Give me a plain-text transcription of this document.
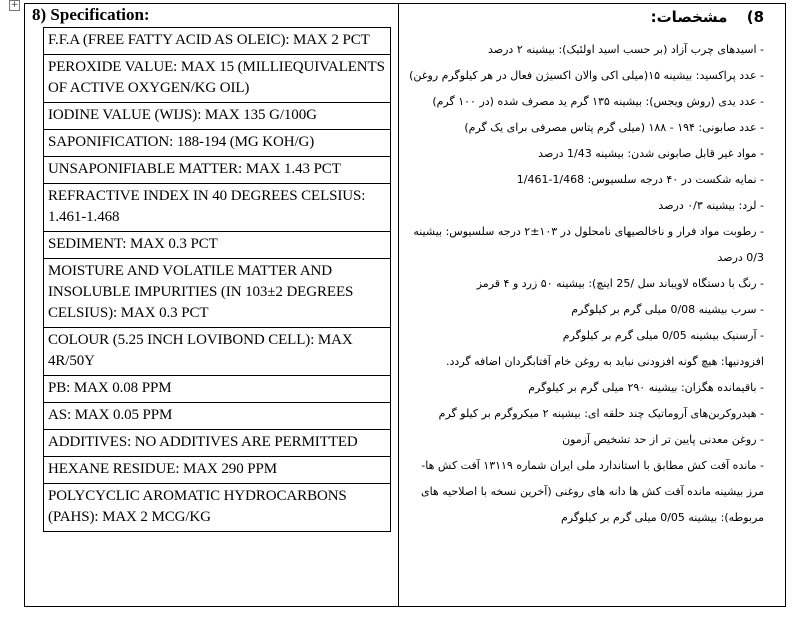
+ 8) Specification:
F.F.A (FREE FATTY ACID AS OLEIC): MAX 2 PCT
PEROXIDE VALUE: MAX 15 (MILLIEQUIVALENTS OF ACTIVE OXYGEN/KG OIL)
IODINE VALUE (WIJS): MAX 135 G/100G
SAPONIFICATION: 188-194 (MG KOH/G)
UNSAPONIFIABLE MATTER: MAX 1.43 PCT
REFRACTIVE INDEX IN 40 DEGREES CELSIUS: 1.461-1.468
SEDIMENT: MAX 0.3 PCT
MOISTURE AND VOLATILE MATTER AND INSOLUBLE IMPURITIES (IN 103±2 DEGREES CELSIUS): MAX 0.3 PCT
COLOUR (5.25 INCH LOVIBOND CELL): MAX 4R/50Y
PB: MAX 0.08 PPM
AS: MAX 0.05 PPM
ADDITIVES: NO ADDITIVES ARE PERMITTED
HEXANE RESIDUE: MAX 290 PPM
POLYCYCLIC AROMATIC HYDROCARBONS (PAHS): MAX 2 MCG/KG
8) مشخصات:

- اسیدهای چرب آزاد (بر حسب اسید اولئیک): بیشینه ۲ درصد

- عدد پراکسید: بیشینه ۱۵(میلی اکی والان اکسیژن فعال در هر کیلوگرم روغن) - عدد یدی (روش ویجس): بیشینه ۱۳۵ گرم ید مصرف شده (در ۱۰۰ گرم)

- عدد صابونی: ۱۹۴ - ۱۸۸ (میلی گرم پتاس مصرفی برای یک گرم)

- مواد غیر قابل صابونی شدن: بیشینه 1/43 درصد

- نمایه شکست در ۴۰ درجه سلسیوس: 1/468-1/461

- لرد: بیشینه ۰/۳ درصد

- رطوبت مواد فرار و ناخالصیهای نامحلول در ۱۰۳±۲ درجه سلسیوس: بیشینه 0/3 درصد

- رنگ با دستگاه لاویباند سل /25 اینچ): بیشینه ۵۰ زرد و ۴ قرمز

- سرب بیشینه 0/08 میلی گرم بر کیلوگرم

- آرسنیک بیشینه 0/05 میلی گرم بر کیلوگرم

افزودنیها: هیچ گونه افزودنی نباید به روغن خام آفتابگردان اضافه گردد.

- باقیمانده هگزان: بیشینه ۲۹۰ میلی گرم بر کیلوگرم

- هیدروکربن‌های آروماتیک چند حلقه ای: بیشینه ۲ میکروگرم بر کیلو گرم

- روغن معدنی پایین تر از حد تشخیص آزمون

- مانده آفت کش مطابق با استاندارد ملی ایران شماره ۱۳۱۱۹ آفت کش ها- مرز بیشینه مانده آفت کش ها دانه های روغنی (آخرین نسخه با اصلاحیه های مربوطه): بیشینه 0/05 میلی گرم بر کیلوگرم
